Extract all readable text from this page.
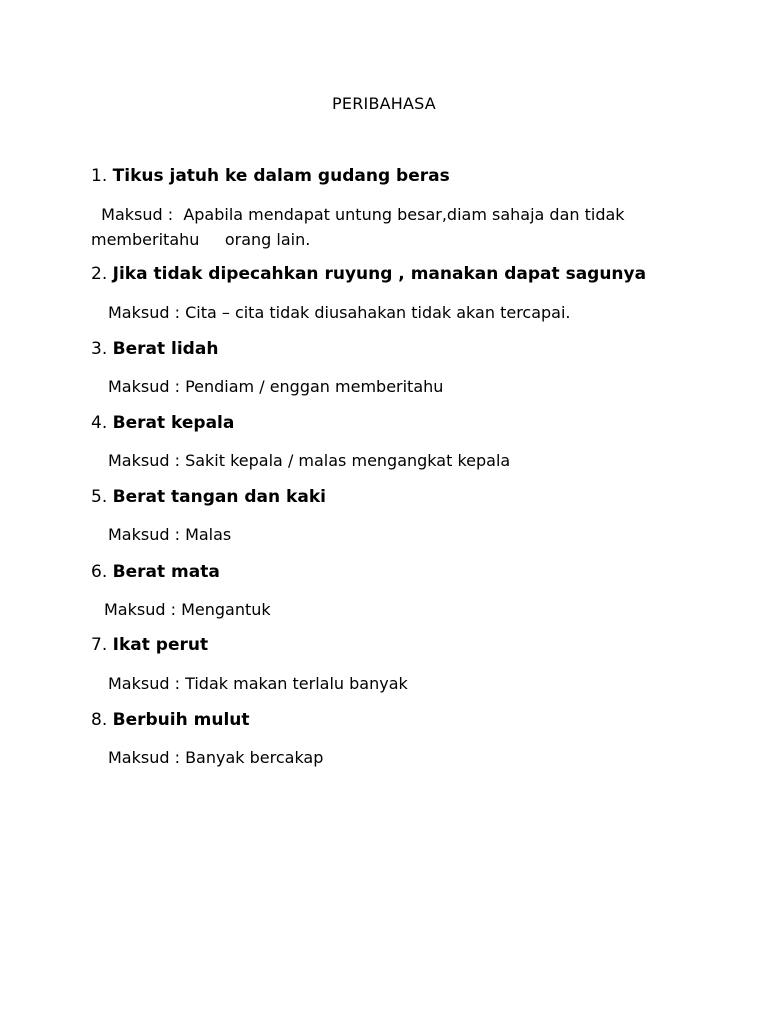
PERIBAHASA
1. Tikus jatuh ke dalam gudang beras
Maksud :  Apabila mendapat untung besar,diam sahaja dan tidak
memberitahu     orang lain.
2. Jika tidak dipecahkan ruyung , manakan dapat sagunya
Maksud : Cita – cita tidak diusahakan tidak akan tercapai.
3. Berat lidah
Maksud : Pendiam / enggan memberitahu
4. Berat kepala
Maksud : Sakit kepala / malas mengangkat kepala
5. Berat tangan dan kaki
Maksud : Malas
6. Berat mata
Maksud : Mengantuk
7. Ikat perut
Maksud : Tidak makan terlalu banyak
8. Berbuih mulut
Maksud : Banyak bercakap
